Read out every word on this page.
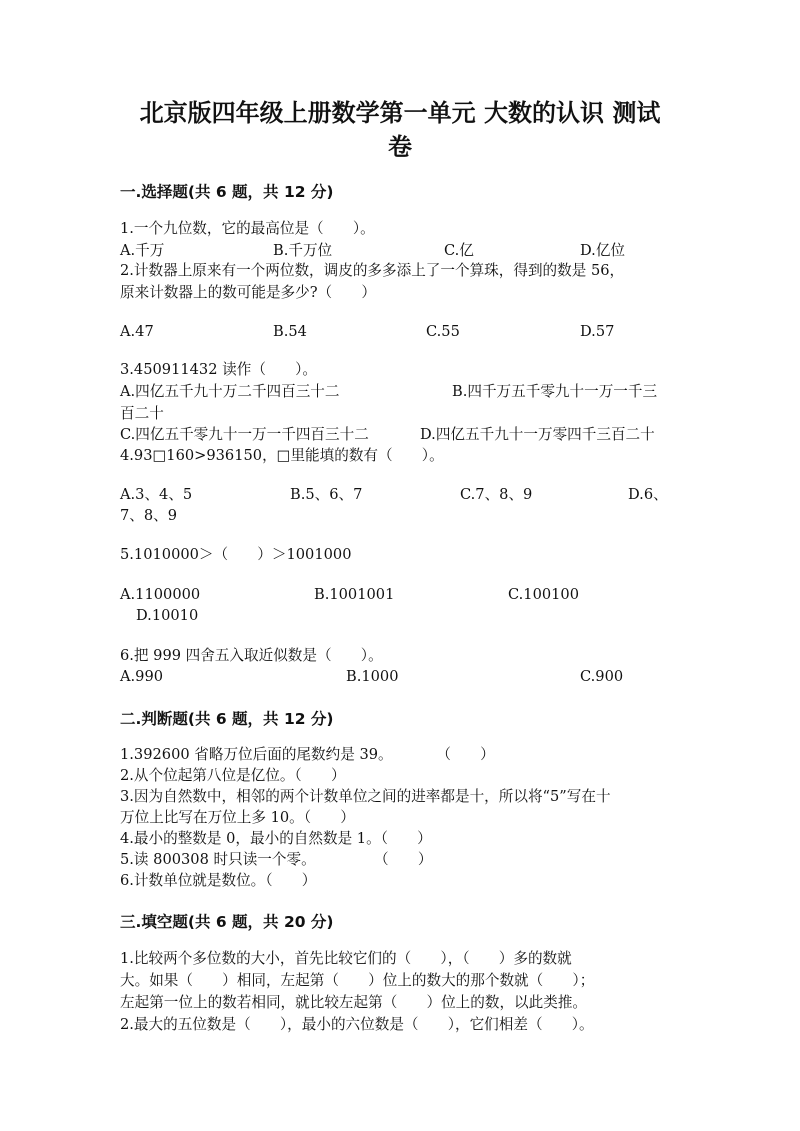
北京版四年级上册数学第一单元 大数的认识 测试
卷
一.选择题(共 6 题，共 12 分)
1.一个九位数，它的最高位是（　　）。
A.千万	B.千万位	C.亿	D.亿位
2.计数器上原来有一个两位数，调皮的多多添上了一个算珠，得到的数是 56，
原来计数器上的数可能是多少?（　　）
A.47	B.54	C.55	D.57
3.450911432 读作（　　）。
A.四亿五千九十万二千四百三十二	B.四千万五千零九十一万一千三
百二十
C.四亿五千零九十一万一千四百三十二	D.四亿五千九十一万零四千三百二十
4.93□160>936150，□里能填的数有（　　）。
A.3、4、5	B.5、6、7	C.7、8、9	D.6、
7、8、9
5.1010000＞（　　）＞1001000
A.1100000	B.1001001	C.100100
D.10010
6.把 999 四舍五入取近似数是（　　）。
A.990	B.1000	C.900
二.判断题(共 6 题，共 12 分)
1.392600 省略万位后面的尾数约是 39。　　　　（　　）
2.从个位起第八位是亿位。（　　）
3.因为自然数中，相邻的两个计数单位之间的进率都是十，所以将“5”写在十
万位上比写在万位上多 10。（　　）
4.最小的整数是 0，最小的自然数是 1。（　　）
5.读 800308 时只读一个零。　　　　　（　　）
6.计数单位就是数位。（　　）
三.填空题(共 6 题，共 20 分)
1.比较两个多位数的大小，首先比较它们的（　　），（　　）多的数就
大。如果（　　）相同，左起第（　　）位上的数大的那个数就（　　）；
左起第一位上的数若相同，就比较左起第（　　）位上的数，以此类推。
2.最大的五位数是（　　），最小的六位数是（　　），它们相差（　　）。
